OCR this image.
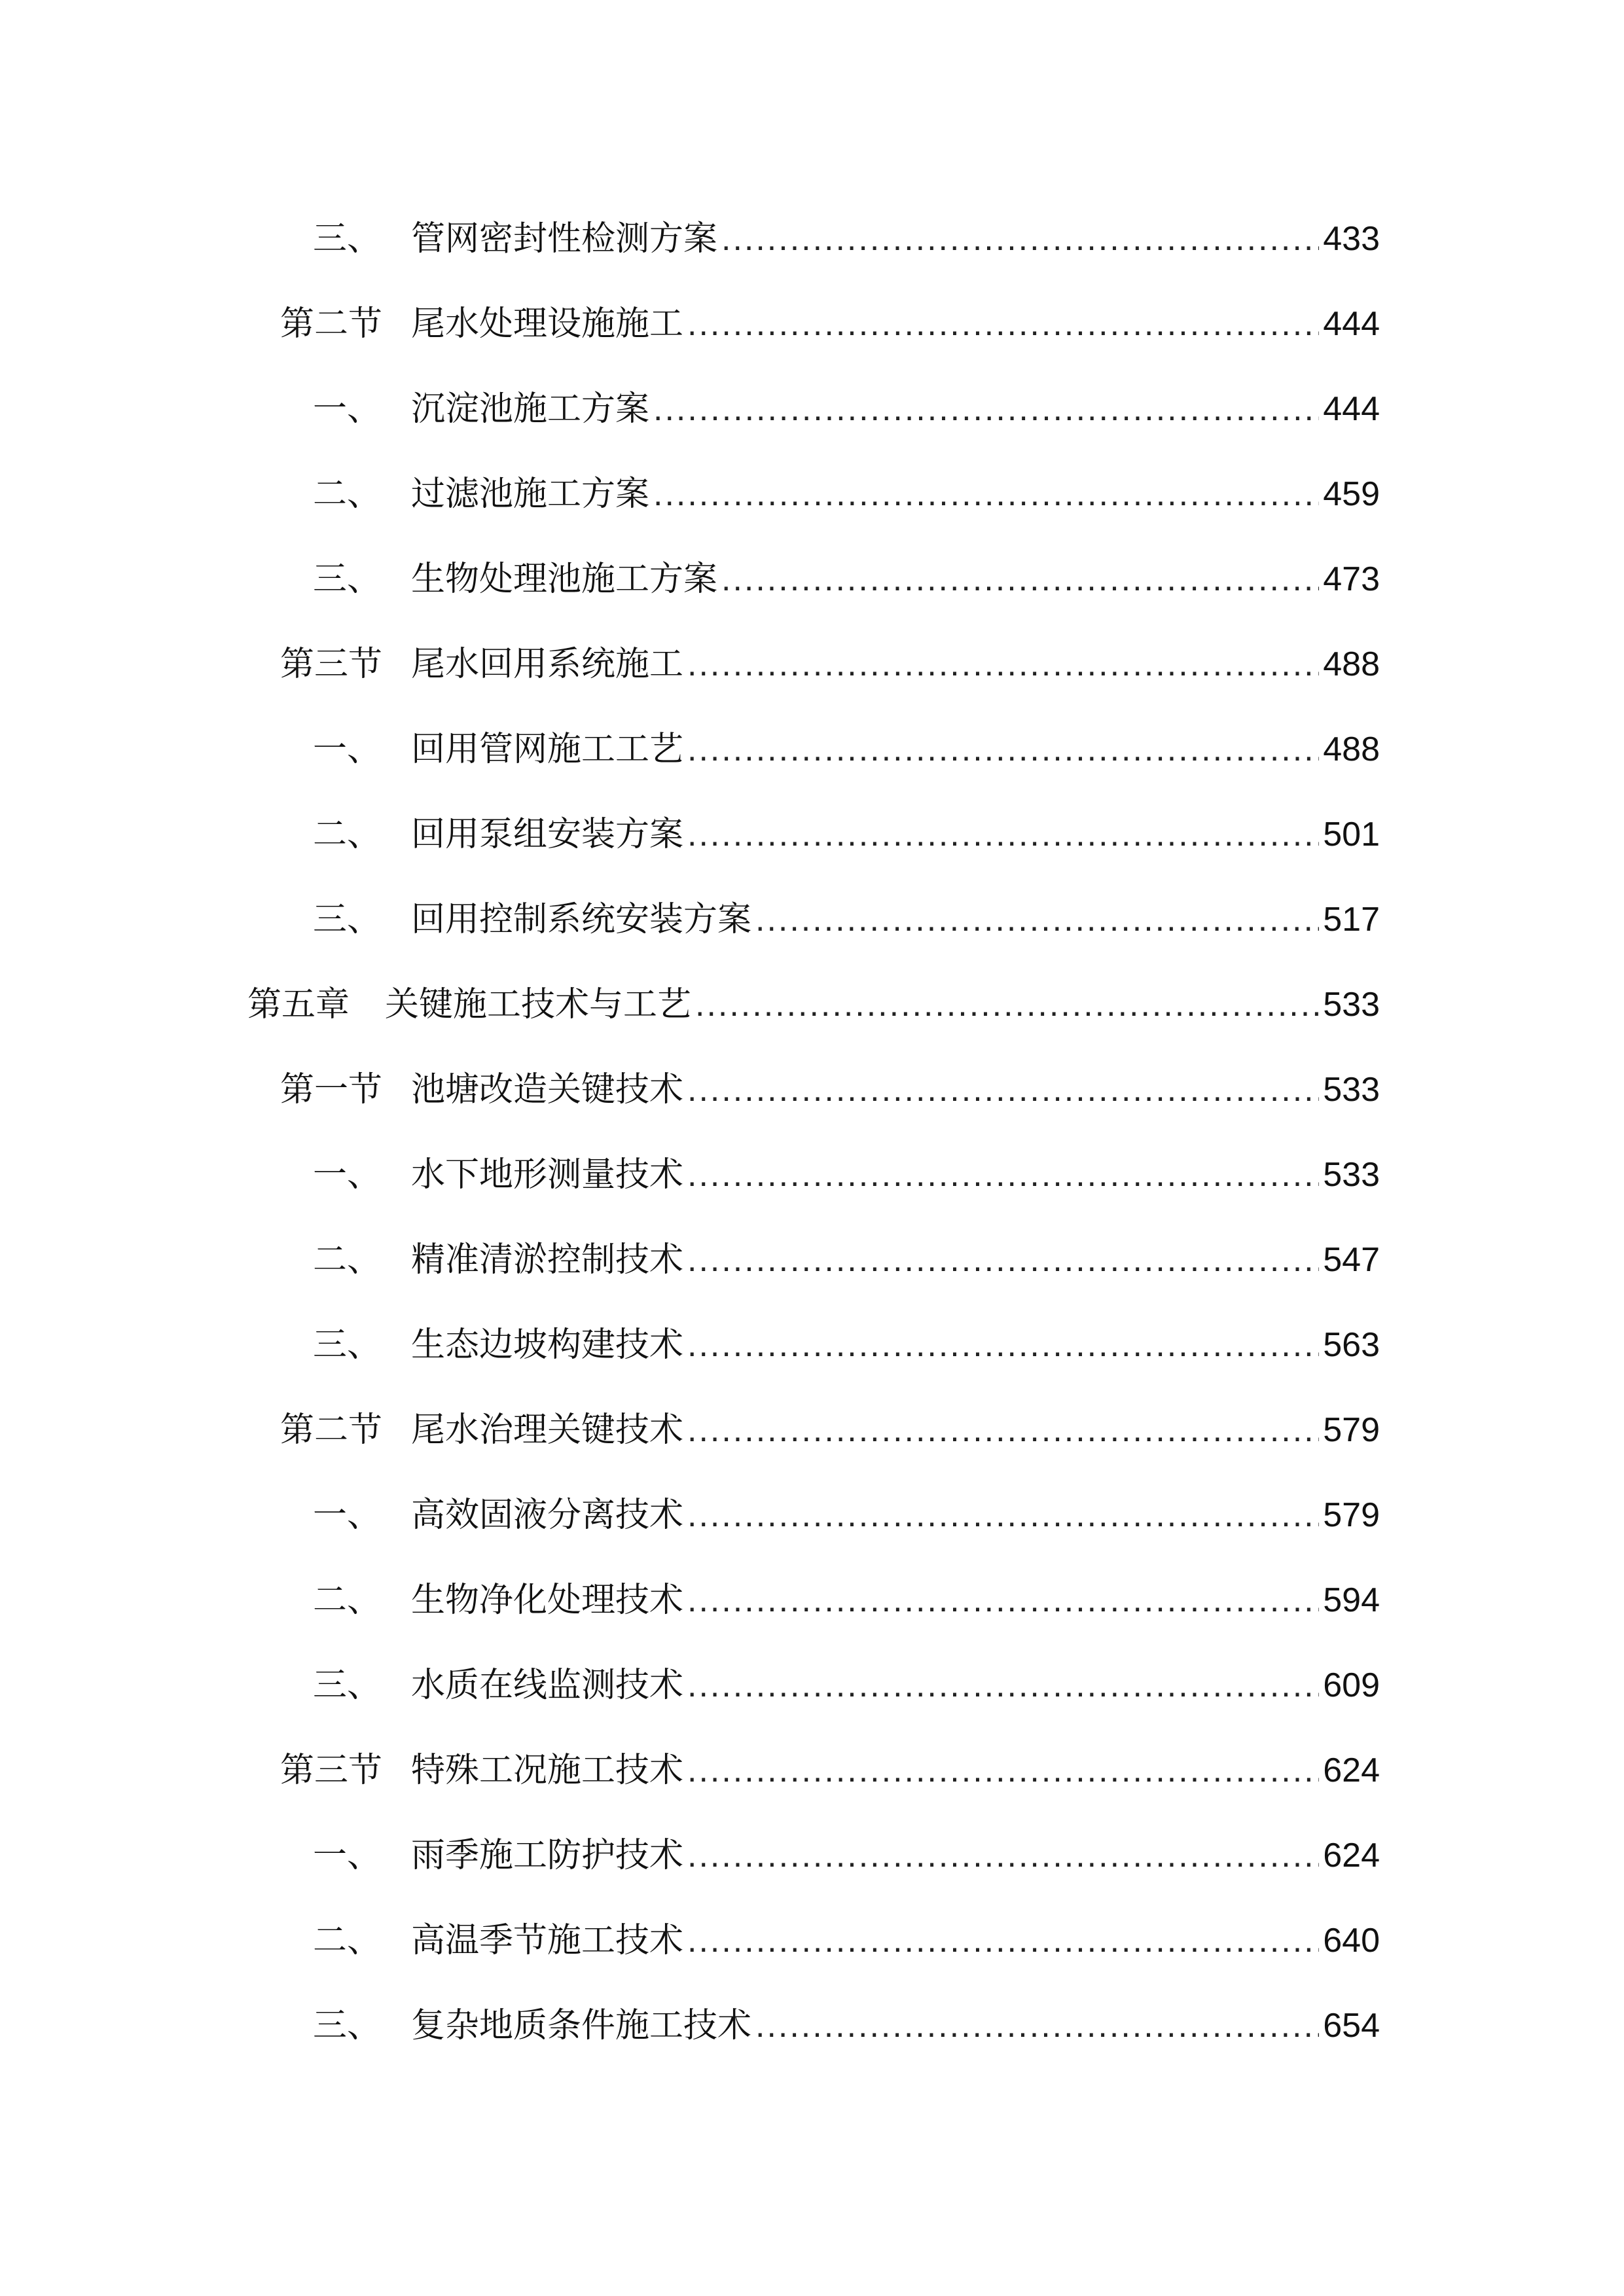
三、 管网密封性检测方案 .....	433
第二节 尾水处理设施施工 .....	444
一、 沉淀池施工方案 .....	444
二、 过滤池施工方案 .....	459
三、 生物处理池施工方案 .....	473
第三节 尾水回用系统施工 .....	488
一、 回用管网施工工艺 .....	488
二、 回用泵组安装方案 .....	501
三、 回用控制系统安装方案 .....	517
第五章	关键施工技术与工艺 .....	533
第一节 池塘改造关键技术 .....	533
一、 水下地形测量技术 .....	533
二、 精准清淤控制技术 .....	547
三、 生态边坡构建技术 .....	563
第二节 尾水治理关键技术 .....	579
一、 高效固液分离技术 .....	579
二、 生物净化处理技术 .....	594
三、 水质在线监测技术 .....	609
第三节 特殊工况施工技术 .....	624
一、 雨季施工防护技术 .....	624
二、 高温季节施工技术 .....	640
三、 复杂地质条件施工技术 .....	654
